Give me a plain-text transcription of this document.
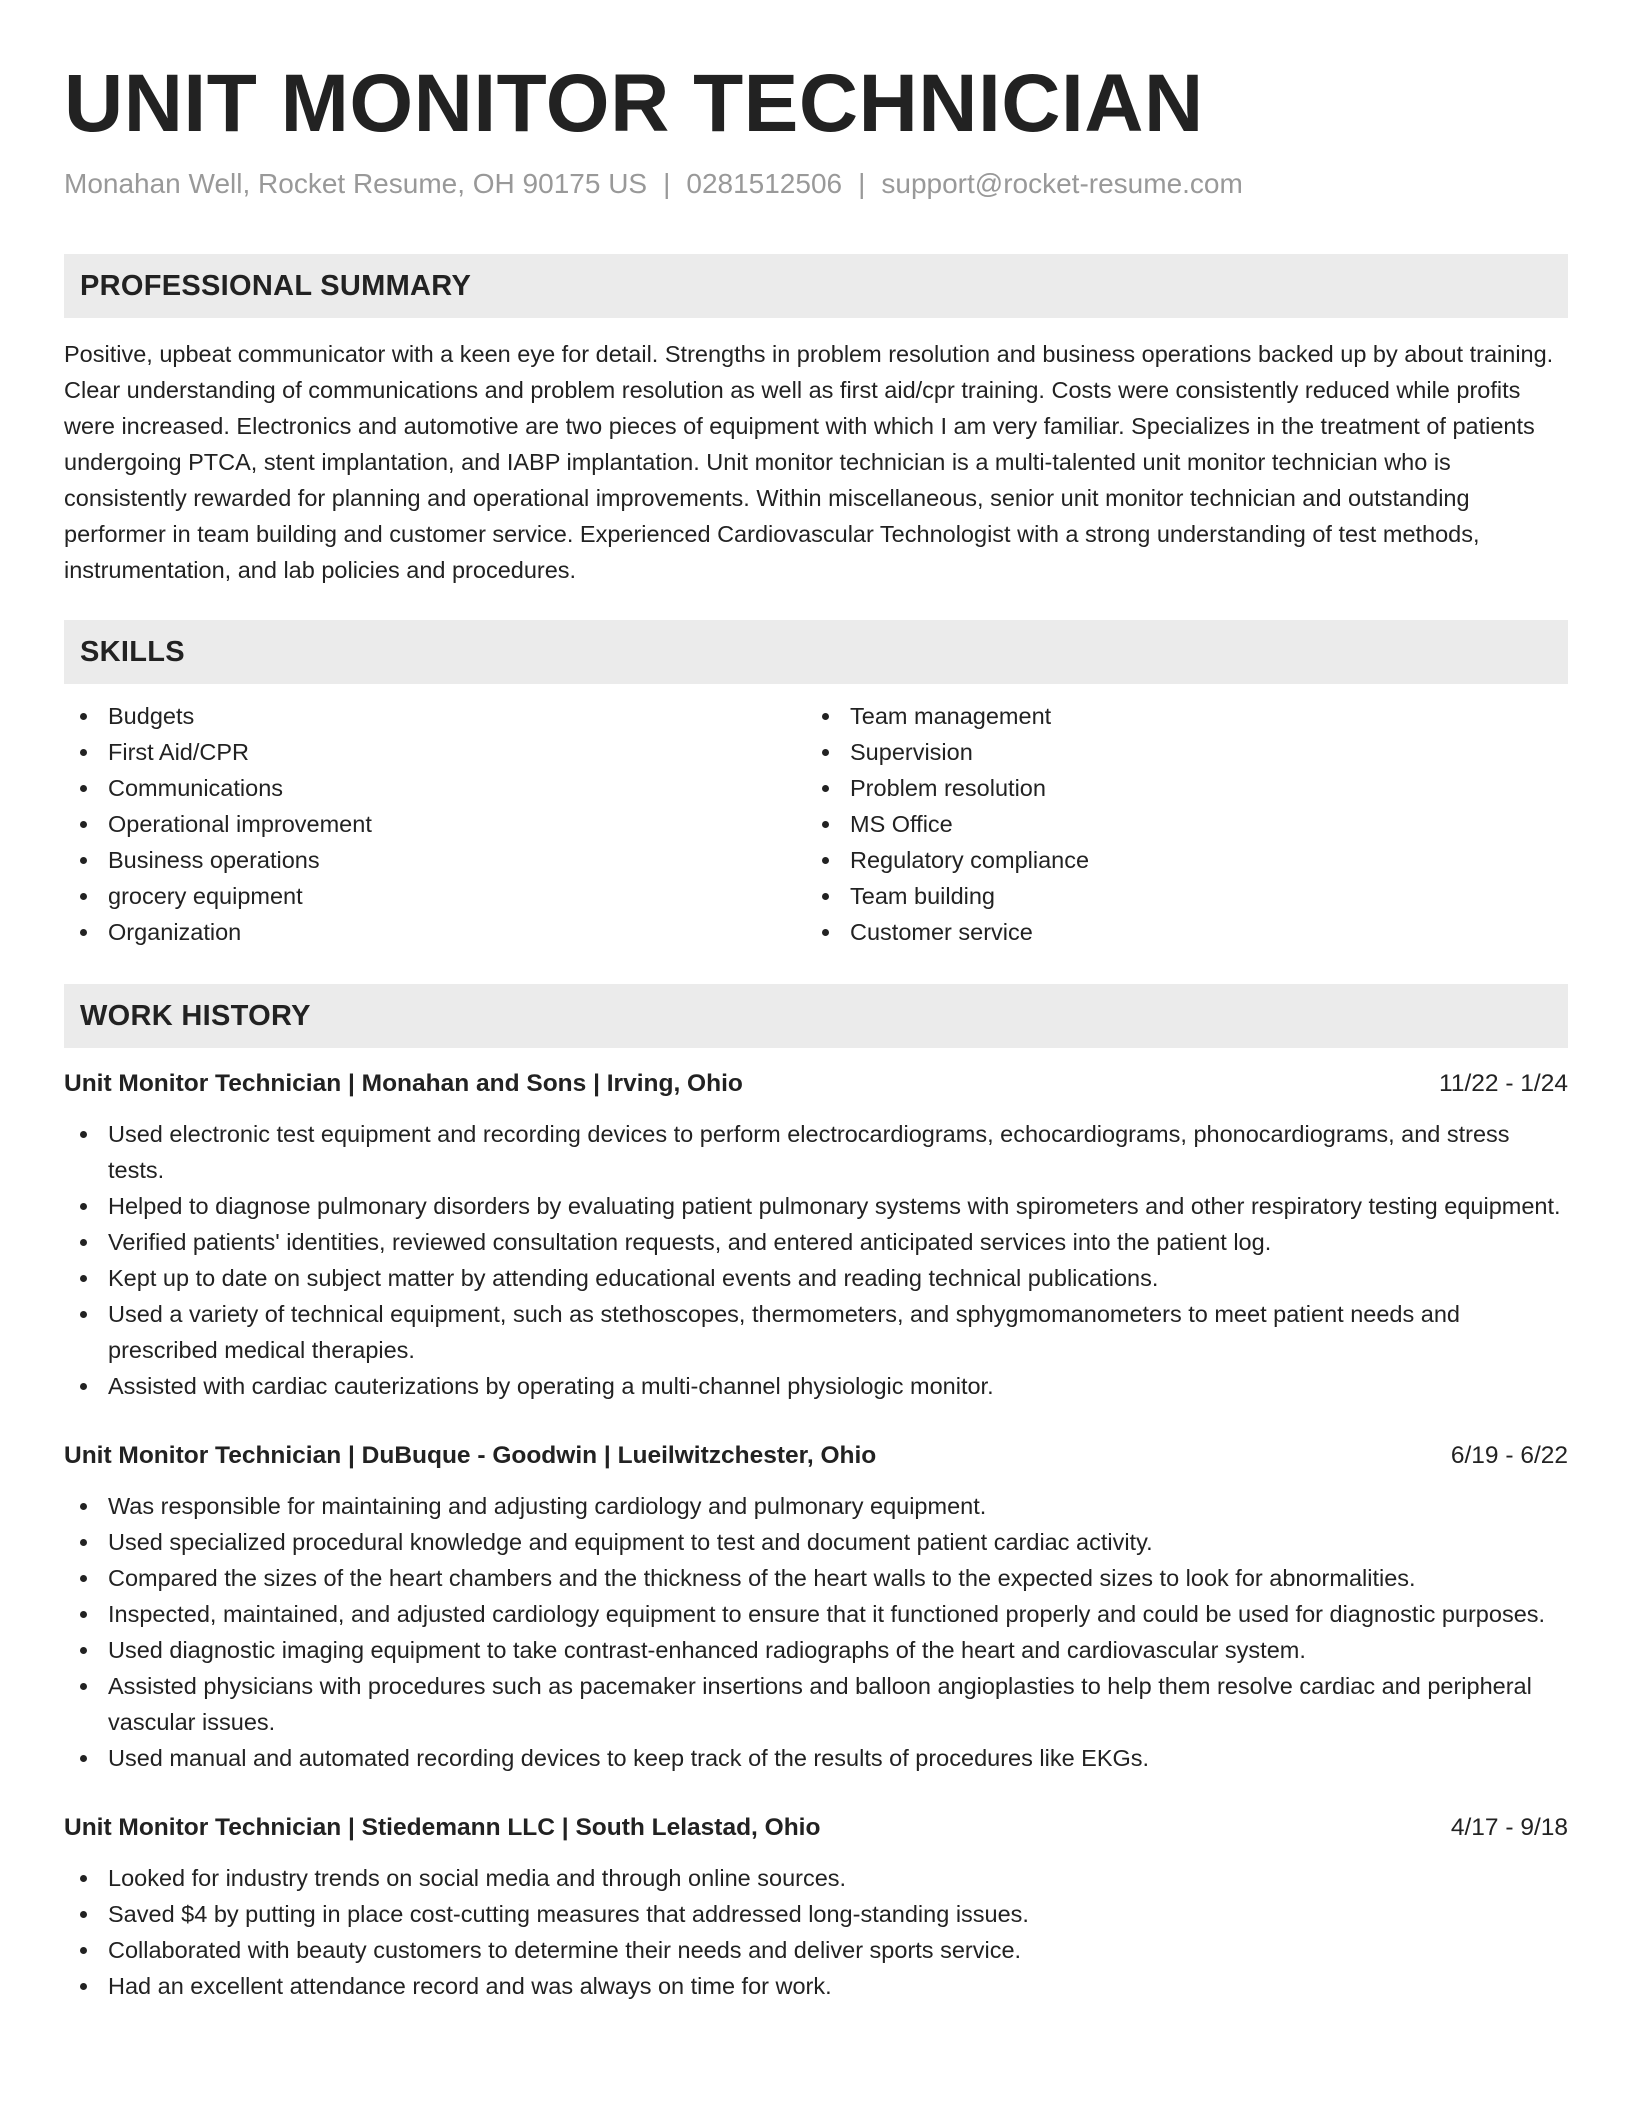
UNIT MONITOR TECHNICIAN
Monahan Well, Rocket Resume, OH 90175 US | 0281512506 | support@rocket-resume.com
PROFESSIONAL SUMMARY

Positive, upbeat communicator with a keen eye for detail. Strengths in problem resolution and business operations backed up by about training. Clear understanding of communications and problem resolution as well as first aid/cpr training. Costs were consistently reduced while profits were increased. Electronics and automotive are two pieces of equipment with which I am very familiar. Specializes in the treatment of patients undergoing PTCA, stent implantation, and IABP implantation. Unit monitor technician is a multi-talented unit monitor technician who is consistently rewarded for planning and operational improvements. Within miscellaneous, senior unit monitor technician and outstanding performer in team building and customer service. Experienced Cardiovascular Technologist with a strong understanding of test methods, instrumentation, and lab policies and procedures.

SKILLS
Budgets
First Aid/CPR
Communications
Operational improvement
Business operations
grocery equipment
Organization
Team management
Supervision
Problem resolution
MS Office
Regulatory compliance
Team building
Customer service
WORK HISTORY
Unit Monitor Technician | Monahan and Sons | Irving, Ohio	11/22 - 1/24
Used electronic test equipment and recording devices to perform electrocardiograms, echocardiograms, phonocardiograms, and stress tests.
Helped to diagnose pulmonary disorders by evaluating patient pulmonary systems with spirometers and other respiratory testing equipment.
Verified patients' identities, reviewed consultation requests, and entered anticipated services into the patient log.
Kept up to date on subject matter by attending educational events and reading technical publications.
Used a variety of technical equipment, such as stethoscopes, thermometers, and sphygmomanometers to meet patient needs and prescribed medical therapies.
Assisted with cardiac cauterizations by operating a multi-channel physiologic monitor.
Unit Monitor Technician | DuBuque - Goodwin | Lueilwitzchester, Ohio	6/19 - 6/22
Was responsible for maintaining and adjusting cardiology and pulmonary equipment.
Used specialized procedural knowledge and equipment to test and document patient cardiac activity.
Compared the sizes of the heart chambers and the thickness of the heart walls to the expected sizes to look for abnormalities.
Inspected, maintained, and adjusted cardiology equipment to ensure that it functioned properly and could be used for diagnostic purposes.
Used diagnostic imaging equipment to take contrast-enhanced radiographs of the heart and cardiovascular system.
Assisted physicians with procedures such as pacemaker insertions and balloon angioplasties to help them resolve cardiac and peripheral vascular issues.
Used manual and automated recording devices to keep track of the results of procedures like EKGs.
Unit Monitor Technician | Stiedemann LLC | South Lelastad, Ohio	4/17 - 9/18
Looked for industry trends on social media and through online sources.
Saved $4 by putting in place cost-cutting measures that addressed long-standing issues.
Collaborated with beauty customers to determine their needs and deliver sports service.
Had an excellent attendance record and was always on time for work.
